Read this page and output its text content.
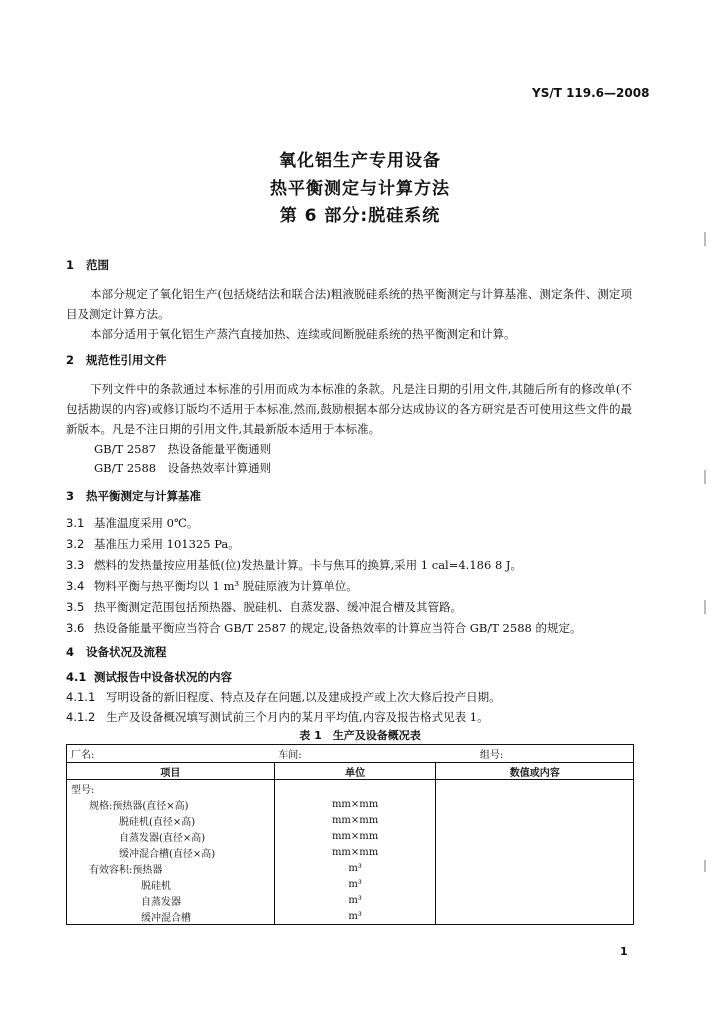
YS/T 119.6—2008
氧化铝生产专用设备
热平衡测定与计算方法
第 6 部分:脱硅系统
1 范围
本部分规定了氧化铝生产(包括烧结法和联合法)粗液脱硅系统的热平衡测定与计算基准、测定条件、测定项目及测定计算方法。
本部分适用于氧化铝生产蒸汽直接加热、连续或间断脱硅系统的热平衡测定和计算。
2 规范性引用文件
下列文件中的条款通过本标准的引用而成为本标准的条款。凡是注日期的引用文件,其随后所有的修改单(不包括勘误的内容)或修订版均不适用于本标准,然而,鼓励根据本部分达成协议的各方研究是否可使用这些文件的最新版本。凡是不注日期的引用文件,其最新版本适用于本标准。
GB/T 2587　热设备能量平衡通则
GB/T 2588　设备热效率计算通则
3 热平衡测定与计算基准
3.1 基准温度采用 0℃。
3.2 基准压力采用 101325 Pa。
3.3 燃料的发热量按应用基低(位)发热量计算。卡与焦耳的换算,采用 1 cal=4.186 8 J。
3.4 物料平衡与热平衡均以 1 m³ 脱硅原液为计算单位。
3.5 热平衡测定范围包括预热器、脱硅机、自蒸发器、缓冲混合槽及其管路。
3.6 热设备能量平衡应当符合 GB/T 2587 的规定,设备热效率的计算应当符合 GB/T 2588 的规定。
4 设备状况及流程
4.1 测试报告中设备状况的内容
4.1.1 写明设备的新旧程度、特点及存在问题,以及建成投产或上次大修后投产日期。
4.1.2 生产及设备概况填写测试前三个月内的某月平均值,内容及报告格式见表 1。
表 1　生产及设备概况表
厂名:	车间:	组号:
项目	单位	数值或内容
型号:		
规格:预热器(直径×高)	mm×mm	
脱硅机(直径×高)	mm×mm	
自蒸发器(直径×高)	mm×mm	
缓冲混合槽(直径×高)	mm×mm	
有效容积:预热器	m³	
脱硅机	m³	
自蒸发器	m³	
缓冲混合槽	m³	
1
